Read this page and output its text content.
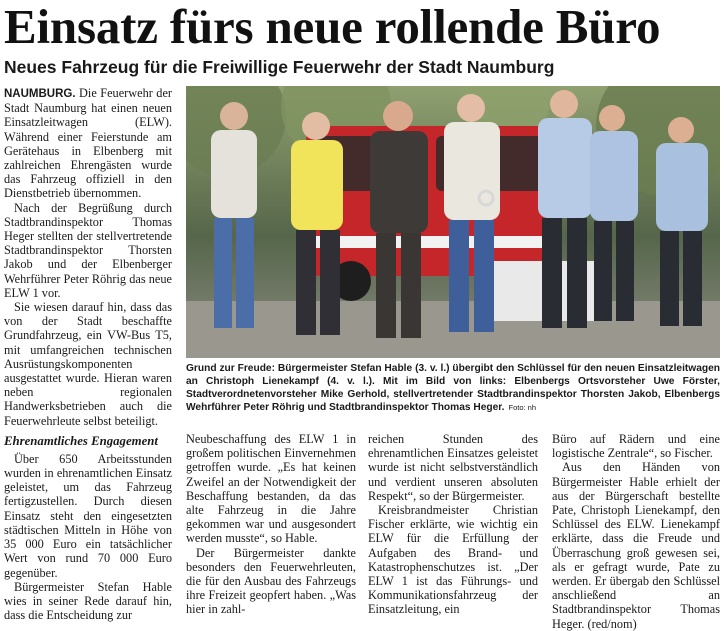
Einsatz fürs neue rollende Büro
Neues Fahrzeug für die Freiwillige Feuerwehr der Stadt Naumburg

NAUMBURG. Die Feuerwehr der Stadt Naumburg hat einen neuen Einsatzleitwagen (ELW). Während einer Feierstunde am Gerätehaus in Elbenberg mit zahlreichen Ehrengästen wurde das Fahrzeug offiziell in den Dienstbetrieb übernommen.

Nach der Begrüßung durch Stadtbrandinspektor Thomas Heger stellten der stellvertretende Stadtbrandinspektor Thorsten Jakob und der Elbenberger Wehrführer Peter Röhrig das neue ELW 1 vor.

Sie wiesen darauf hin, dass das von der Stadt beschaffte Grundfahrzeug, ein VW-Bus T5, mit umfangreichen technischen Ausrüstungskomponenten ausgestattet wurde. Hieran waren neben regionalen Handwerksbetrieben auch die Feuerwehrleute selbst beteiligt.

Ehrenamtliches Engagement

Über 650 Arbeitsstunden wurden in ehrenamtlichen Einsatz geleistet, um das Fahrzeug fertigzustellen. Durch diesen Einsatz steht den eingesetzten städtischen Mitteln in Höhe von 35 000 Euro ein tatsächlicher Wert von rund 70 000 Euro gegenüber.

Bürgermeister Stefan Hable wies in seiner Rede darauf hin, dass die Entscheidung zur

Grund zur Freude: Bürgermeister Stefan Hable (3. v. l.) übergibt den Schlüssel für den neuen Einsatzleitwagen an Christoph Lienekampf (4. v. l.). Mit im Bild von links: Elbenbergs Ortsvorsteher Uwe Förster, Stadtverordnetenvorsteher Mike Gerhold, stellvertretender Stadtbrandinspektor Thorsten Jakob, Elbenbergs Wehrführer Peter Röhrig und Stadtbrandinspektor Thomas Heger. Foto: nh

Neubeschaffung des ELW 1 in großem politischen Einvernehmen getroffen wurde. „Es hat keinen Zweifel an der Notwendigkeit der Beschaffung bestanden, da das alte Fahrzeug in die Jahre gekommen war und ausgesondert werden musste“, so Hable.

Der Bürgermeister dankte besonders den Feuerwehrleuten, die für den Ausbau des Fahrzeugs ihre Freizeit geopfert haben. „Was hier in zahl-

reichen Stunden des ehrenamtlichen Einsatzes geleistet wurde ist nicht selbstverständlich und verdient unseren absoluten Respekt“, so der Bürgermeister.

Kreisbrandmeister Christian Fischer erklärte, wie wichtig ein ELW für die Erfüllung der Aufgaben des Brand- und Katastrophenschutzes ist. „Der ELW 1 ist das Führungs- und Kommunikationsfahrzeug der Einsatzleitung, ein

Büro auf Rädern und eine logistische Zentrale“, so Fischer.

Aus den Händen von Bürgermeister Hable erhielt der aus der Bürgerschaft bestellte Pate, Christoph Lienekampf, den Schlüssel des ELW. Lienekampf erklärte, dass die Freude und Überraschung groß gewesen sei, als er gefragt wurde, Pate zu werden. Er übergab den Schlüssel anschließend an Stadtbrandinspektor Thomas Heger. (red/nom)
